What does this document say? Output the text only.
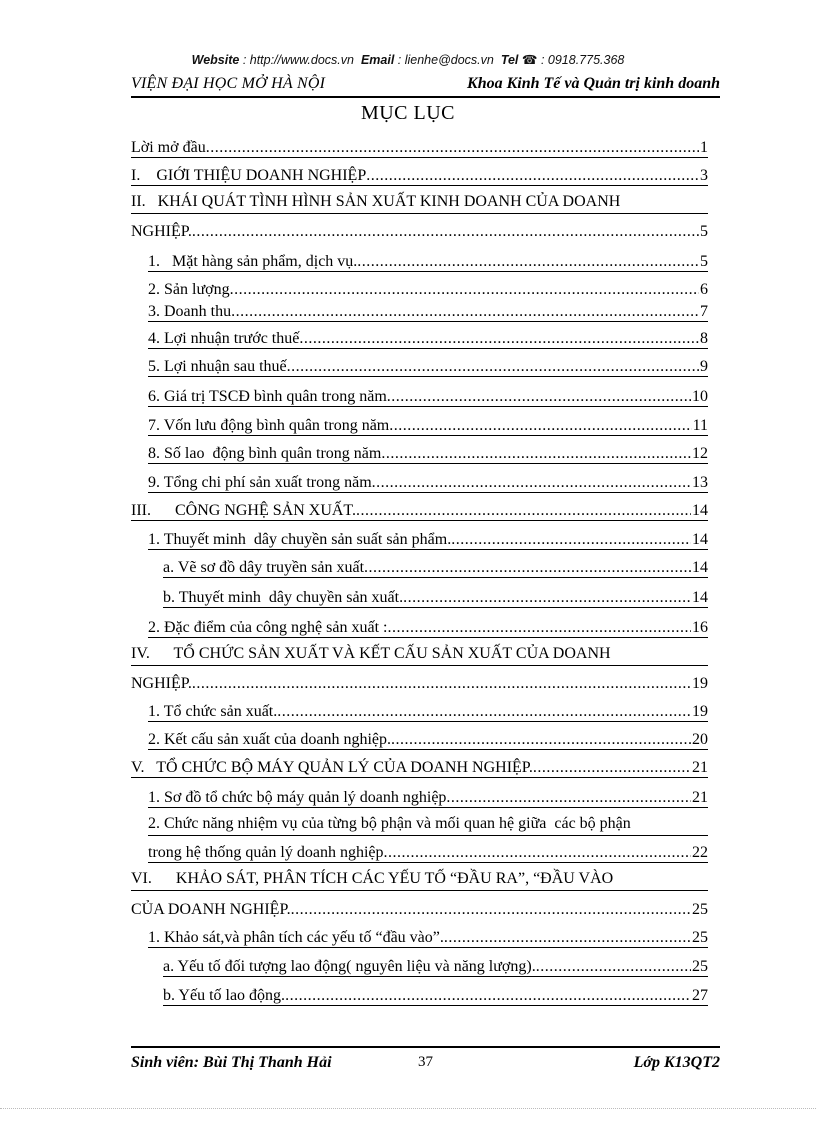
Website : http://www.docs.vn Email : lienhe@docs.vn Tel ☎ : 0918.775.368
VIỆN ĐẠI HỌC MỞ HÀ NỘI	Khoa Kinh Tế và Quản trị kinh doanh
MỤC LỤC
Lời mở đầu .....	1
I.    GIỚI THIỆU DOANH NGHIỆP .....	3
II.   KHÁI QUÁT TÌNH HÌNH SẢN XUẤT KINH DOANH CỦA DOANH
NGHIỆP. .....	5
1.   Mặt hàng sản phẩm, dịch vụ. .....	5
2. Sản lượng .....	6
3. Doanh thu .....	7
4. Lợi nhuận trước thuế .....	8
5. Lợi nhuận sau thuế .....	9
6. Giá trị TSCĐ bình quân trong năm .....	10
7. Vốn lưu động bình quân trong năm .....	11
8. Số lao  động bình quân trong năm .....	12
9. Tổng chi phí sản xuất trong năm .....	13
III.      CÔNG NGHỆ SẢN XUẤT. .....	14
1. Thuyết minh  dây chuyền sản suất sản phẩm. .....	14
a. Vẽ sơ đồ dây truyền sản xuất .....	14
b. Thuyết minh  dây chuyền sản xuất. .....	14
2. Đặc điểm của công nghệ sản xuất : .....	16
IV.      TỔ CHỨC SẢN XUẤT VÀ KẾT CẤU SẢN XUẤT CỦA DOANH
NGHIỆP. .....	19
1. Tổ chức sản xuất. .....	19
2. Kết cấu sản xuất của doanh nghiệp. .....	20
V.   TỔ CHỨC BỘ MÁY QUẢN LÝ CỦA DOANH NGHIỆP. .....	21
1. Sơ đồ tổ chức bộ máy quản lý doanh nghiệp .....	21
2. Chức năng nhiệm vụ của từng bộ phận và mối quan hệ giữa  các bộ phận
trong hệ thống quản lý doanh nghiệp .....	22
VI.      KHẢO SÁT, PHÂN TÍCH CÁC YẾU TỐ “ĐẦU RA”, “ĐẦU VÀO
CỦA DOANH NGHIỆP. .....	25
1. Khảo sát,và phân tích các yếu tố “đầu vào”. .....	25
a. Yếu tố đối tượng lao động( nguyên liệu và năng lượng). .....	25
b. Yếu tố lao động. .....	27
Sinh viên: Bùi Thị Thanh Hải	37	Lớp K13QT2
